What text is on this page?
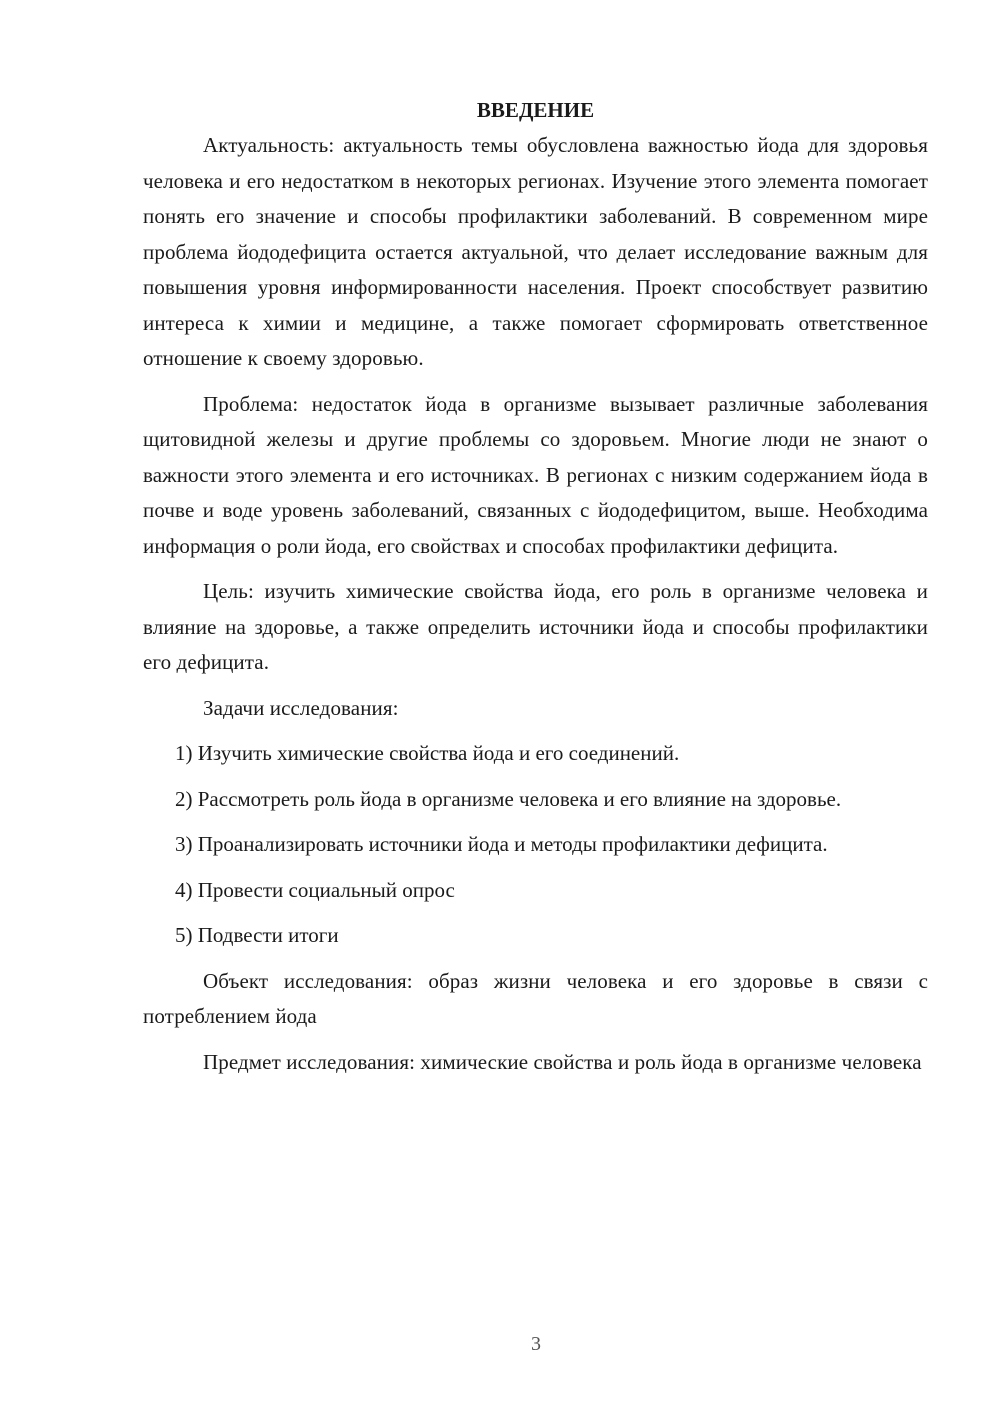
ВВЕДЕНИЕ

Актуальность: актуальность темы обусловлена важностью йода для здоровья человека и его недостатком в некоторых регионах. Изучение этого элемента помогает понять его значение и способы профилактики заболеваний. В современном мире проблема йододефицита остается актуальной, что делает исследование важным для повышения уровня информированности населения. Проект способствует развитию интереса к химии и медицине, а также помогает сформировать ответственное отношение к своему здоровью.

Проблема: недостаток йода в организме вызывает различные заболевания щитовидной железы и другие проблемы со здоровьем. Многие люди не знают о важности этого элемента и его источниках. В регионах с низким содержанием йода в почве и воде уровень заболеваний, связанных с йододефицитом, выше. Необходима информация о роли йода, его свойствах и способах профилактики дефицита.

Цель: изучить химические свойства йода, его роль в организме человека и влияние на здоровье, а также определить источники йода и способы профилактики его дефицита.

Задачи исследования:

1) Изучить химические свойства йода и его соединений.

2) Рассмотреть роль йода в организме человека и его влияние на здоровье.

3) Проанализировать источники йода и методы профилактики дефицита.

4) Провести социальный опрос

5) Подвести итоги

Объект исследования: образ жизни человека и его здоровье в связи с потреблением йода

Предмет исследования: химические свойства и роль йода в организме человека

3
